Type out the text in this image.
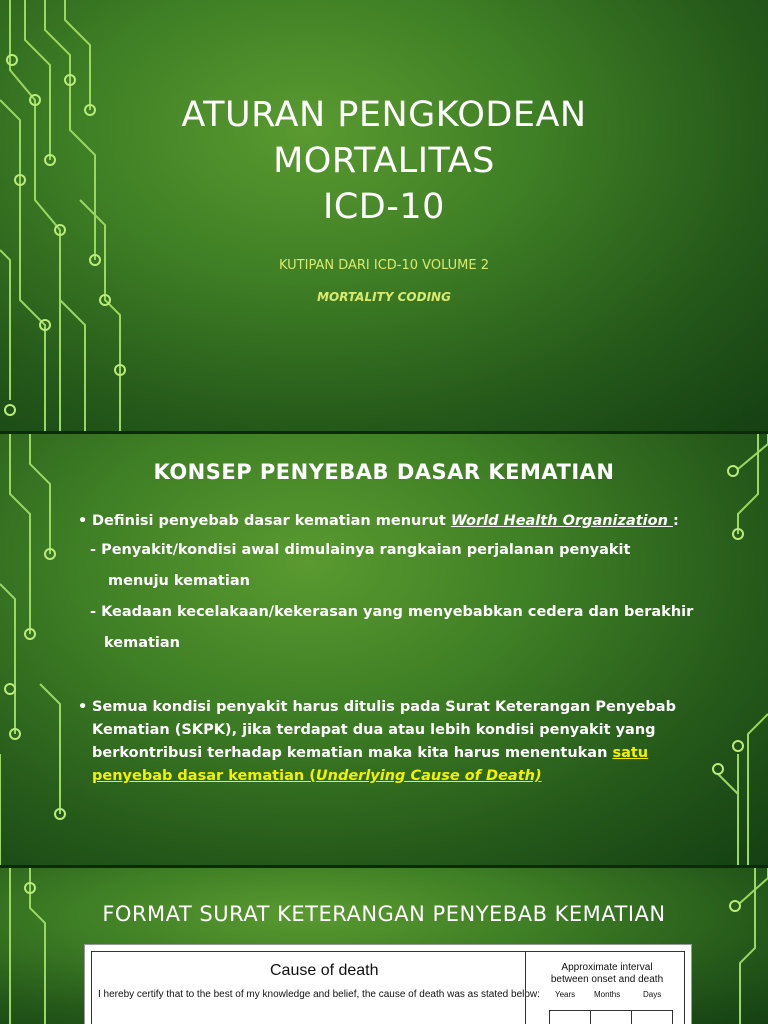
ATURAN PENGKODEAN
MORTALITAS
ICD-10
KUTIPAN DARI ICD-10 VOLUME 2
MORTALITY CODING
KONSEP PENYEBAB DASAR KEMATIAN
• Definisi penyebab dasar kematian menurut World Health Organization :
- Penyakit/kondisi awal dimulainya rangkaian perjalanan penyakit
menuju kematian
- Keadaan kecelakaan/kekerasan yang menyebabkan cedera dan berakhir
kematian
• Semua kondisi penyakit harus ditulis pada Surat Keterangan Penyebab Kematian (SKPK), jika terdapat dua atau lebih kondisi penyakit yang berkontribusi terhadap kematian maka kita harus menentukan satu penyebab dasar kematian (Underlying Cause of Death)
FORMAT SURAT KETERANGAN PENYEBAB KEMATIAN
Cause of death
I hereby certify that to the best of my knowledge and belief, the cause of death was as stated below:
Approximate interval
between onset and death
Years Months	Days
